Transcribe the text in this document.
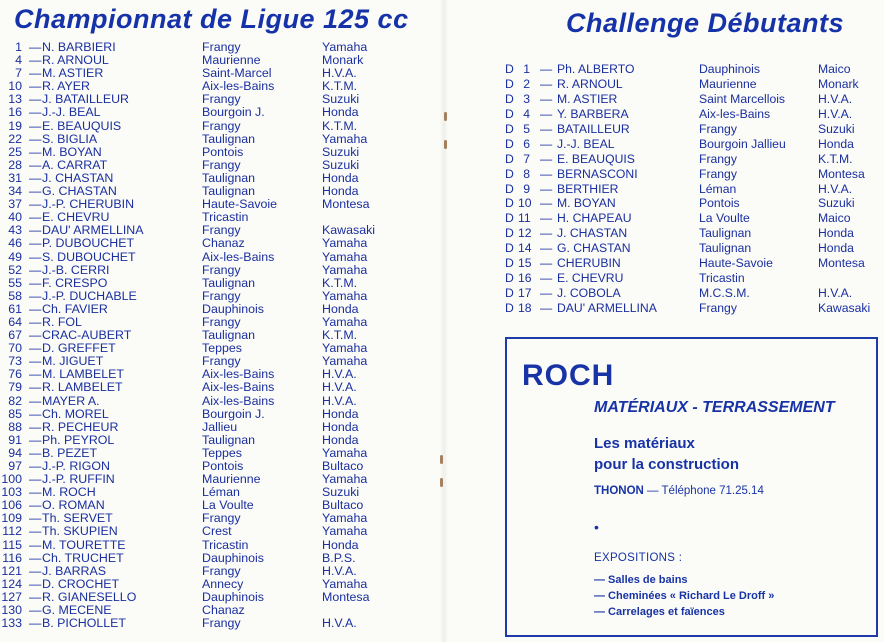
Championnat de Ligue 125 cc	Challenge Débutants
1 — N. BARBIERI	Frangy	Yamaha
4 — R. ARNOUL	Maurienne	Monark
7 — M. ASTIER	Saint-Marcel	H.V.A.
10 — R. AYER	Aix-les-Bains	K.T.M.
13 — J. BATAILLEUR	Frangy	Suzuki
16 — J.-J. BEAL	Bourgoin J.	Honda
19 — E. BEAUQUIS	Frangy	K.T.M.
22 — S. BIGLIA	Taulignan	Yamaha
25 — M. BOYAN	Pontois	Suzuki
28 — A. CARRAT	Frangy	Suzuki
31 — J. CHASTAN	Taulignan	Honda
34 — G. CHASTAN	Taulignan	Honda
37 — J.-P. CHERUBIN	Haute-Savoie	Montesa
40 — E. CHEVRU	Tricastin
43 — DAU' ARMELLINA	Frangy	Kawasaki
46 — P. DUBOUCHET	Chanaz	Yamaha
49 — S. DUBOUCHET	Aix-les-Bains	Yamaha
52 — J.-B. CERRI	Frangy	Yamaha
55 — F. CRESPO	Taulignan	K.T.M.
58 — J.-P. DUCHABLE	Frangy	Yamaha
61 — Ch. FAVIER	Dauphinois	Honda
64 — R. FOL	Frangy	Yamaha
67 — CRAC-AUBERT	Taulignan	K.T.M.
70 — D. GREFFET	Teppes	Yamaha
73 — M. JIGUET	Frangy	Yamaha
76 — M. LAMBELET	Aix-les-Bains	H.V.A.
79 — R. LAMBELET	Aix-les-Bains	H.V.A.
82 — MAYER A.	Aix-les-Bains	H.V.A.
85 — Ch. MOREL	Bourgoin J.	Honda
88 — R. PECHEUR	Jallieu	Honda
91 — Ph. PEYROL	Taulignan	Honda
94 — B. PEZET	Teppes	Yamaha
97 — J.-P. RIGON	Pontois	Bultaco
100 — J.-P. RUFFIN	Maurienne	Yamaha
103 — M. ROCH	Léman	Suzuki
106 — O. ROMAN	La Voulte	Bultaco
109 — Th. SERVET	Frangy	Yamaha
112 — Th. SKUPIEN	Crest	Yamaha
115 — M. TOURETTE	Tricastin	Honda
116 — Ch. TRUCHET	Dauphinois	B.P.S.
121 — J. BARRAS	Frangy	H.V.A.
124 — D. CROCHET	Annecy	Yamaha
127 — R. GIANESELLO	Dauphinois	Montesa
130 — G. MECENE	Chanaz
133 — B. PICHOLLET	Frangy	H.V.A.
D 1 — Ph. ALBERTO	Dauphinois	Maico
D 2 — R. ARNOUL	Maurienne	Monark
D 3 — M. ASTIER	Saint Marcellois	H.V.A.
D 4 — Y. BARBERA	Aix-les-Bains	H.V.A.
D 5 — BATAILLEUR	Frangy	Suzuki
D 6 — J.-J. BEAL	Bourgoin Jallieu	Honda
D 7 — E. BEAUQUIS	Frangy	K.T.M.
D 8 — BERNASCONI	Frangy	Montesa
D 9 — BERTHIER	Léman	H.V.A.
D 10 — M. BOYAN	Pontois	Suzuki
D 11 — H. CHAPEAU	La Voulte	Maico
D 12 — J. CHASTAN	Taulignan	Honda
D 14 — G. CHASTAN	Taulignan	Honda
D 15 — CHERUBIN	Haute-Savoie	Montesa
D 16 — E. CHEVRU	Tricastin
D 17 — J. COBOLA	M.C.S.M.	H.V.A.
D 18 — DAU' ARMELLINA	Frangy	Kawasaki
ROCH
MATÉRIAUX - TERRASSEMENT
Les matériaux
pour la construction
THONON — Téléphone 71.25.14
•
EXPOSITIONS :
— Salles de bains
— Cheminées « Richard Le Droff »
— Carrelages et faïences
